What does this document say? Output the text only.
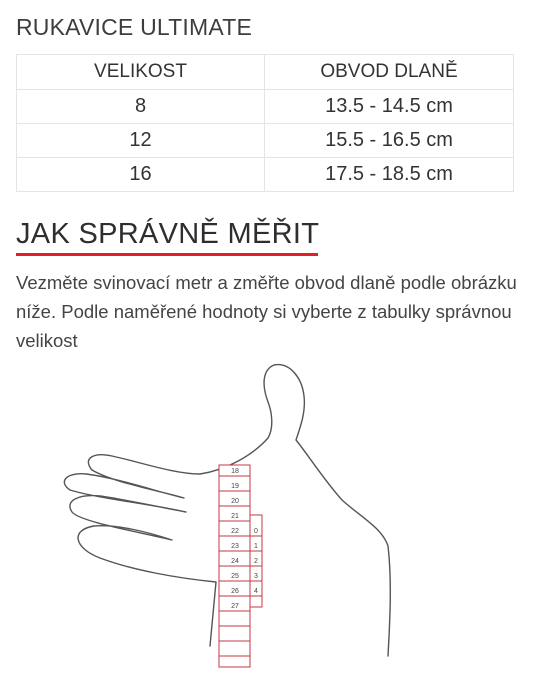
RUKAVICE ULTIMATE
VELIKOST	OBVOD DLANĚ
8	13.5 - 14.5 cm
12	15.5 - 16.5 cm
16	17.5 - 18.5 cm
JAK SPRÁVNĚ MĚŘIT
Vezměte svinovací metr a změřte obvod dlaně podle obrázku níže. Podle naměřené hodnoty si vyberte z tabulky správnou velikost
18
19
20
21
22
23
24
25
26
27
0
1
2
3
4
